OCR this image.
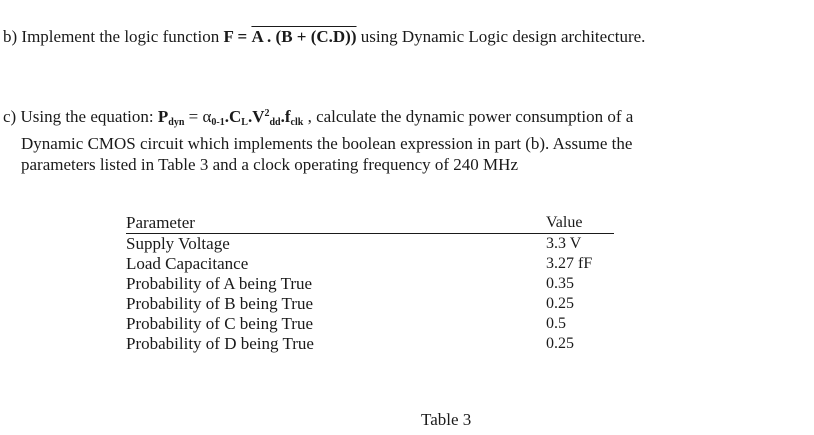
b) Implement the logic function F = A . (B + (C.D)) using Dynamic Logic design architecture.
c) Using the equation: $P_{dyn} = \alpha_{0-1}.C_L.V^2_{dd}.f_{clk}$ , calculate the dynamic power consumption of a
Dynamic CMOS circuit which implements the boolean expression in part (b). Assume the
parameters listed in Table 3 and a clock operating frequency of 240 MHz
Parameter	Value
Supply Voltage	3.3 V
Load Capacitance	3.27 fF
Probability of A being True	0.35
Probability of B being True	0.25
Probability of C being True	0.5
Probability of D being True	0.25
Table 3
